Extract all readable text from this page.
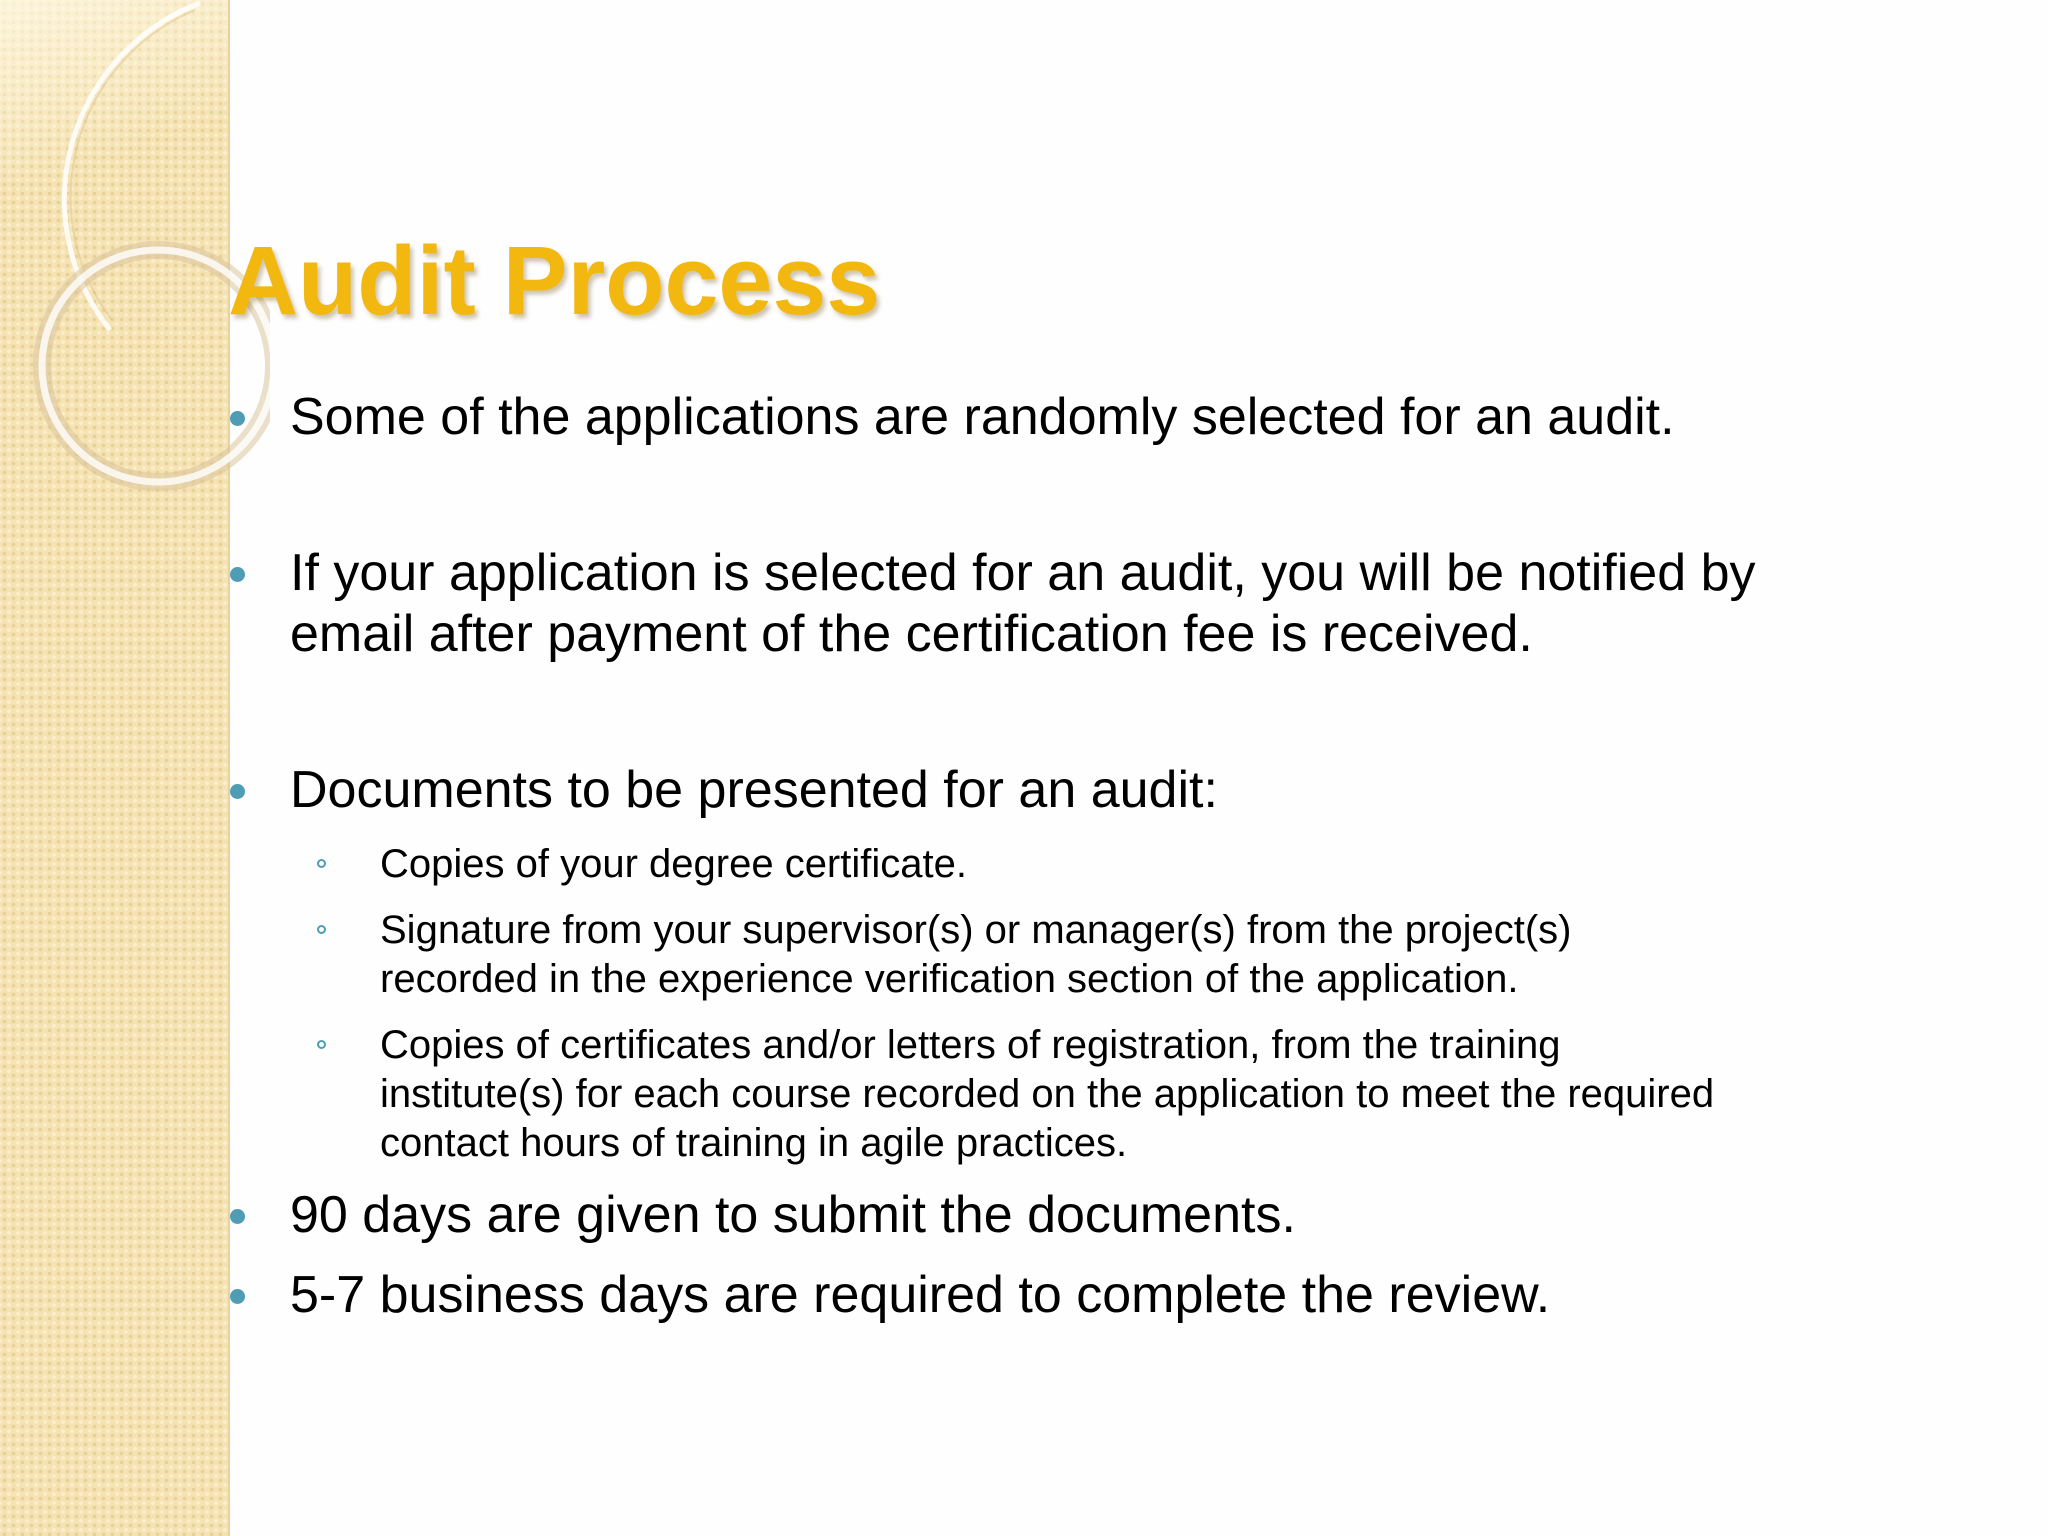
Audit Process
Some of the applications are randomly selected for an audit.
If your application is selected for an audit, you will be notified by
email after payment of the certification fee is received.
Documents to be presented for an audit:
Copies of your degree certificate.
Signature from your supervisor(s) or manager(s) from the project(s)
recorded in the experience verification section of the application.
Copies of certificates and/or letters of registration, from the training
institute(s) for each course recorded on the application to meet the required
contact hours of training in agile practices.
90 days are given to submit the documents.
5-7 business days are required to complete the review.
